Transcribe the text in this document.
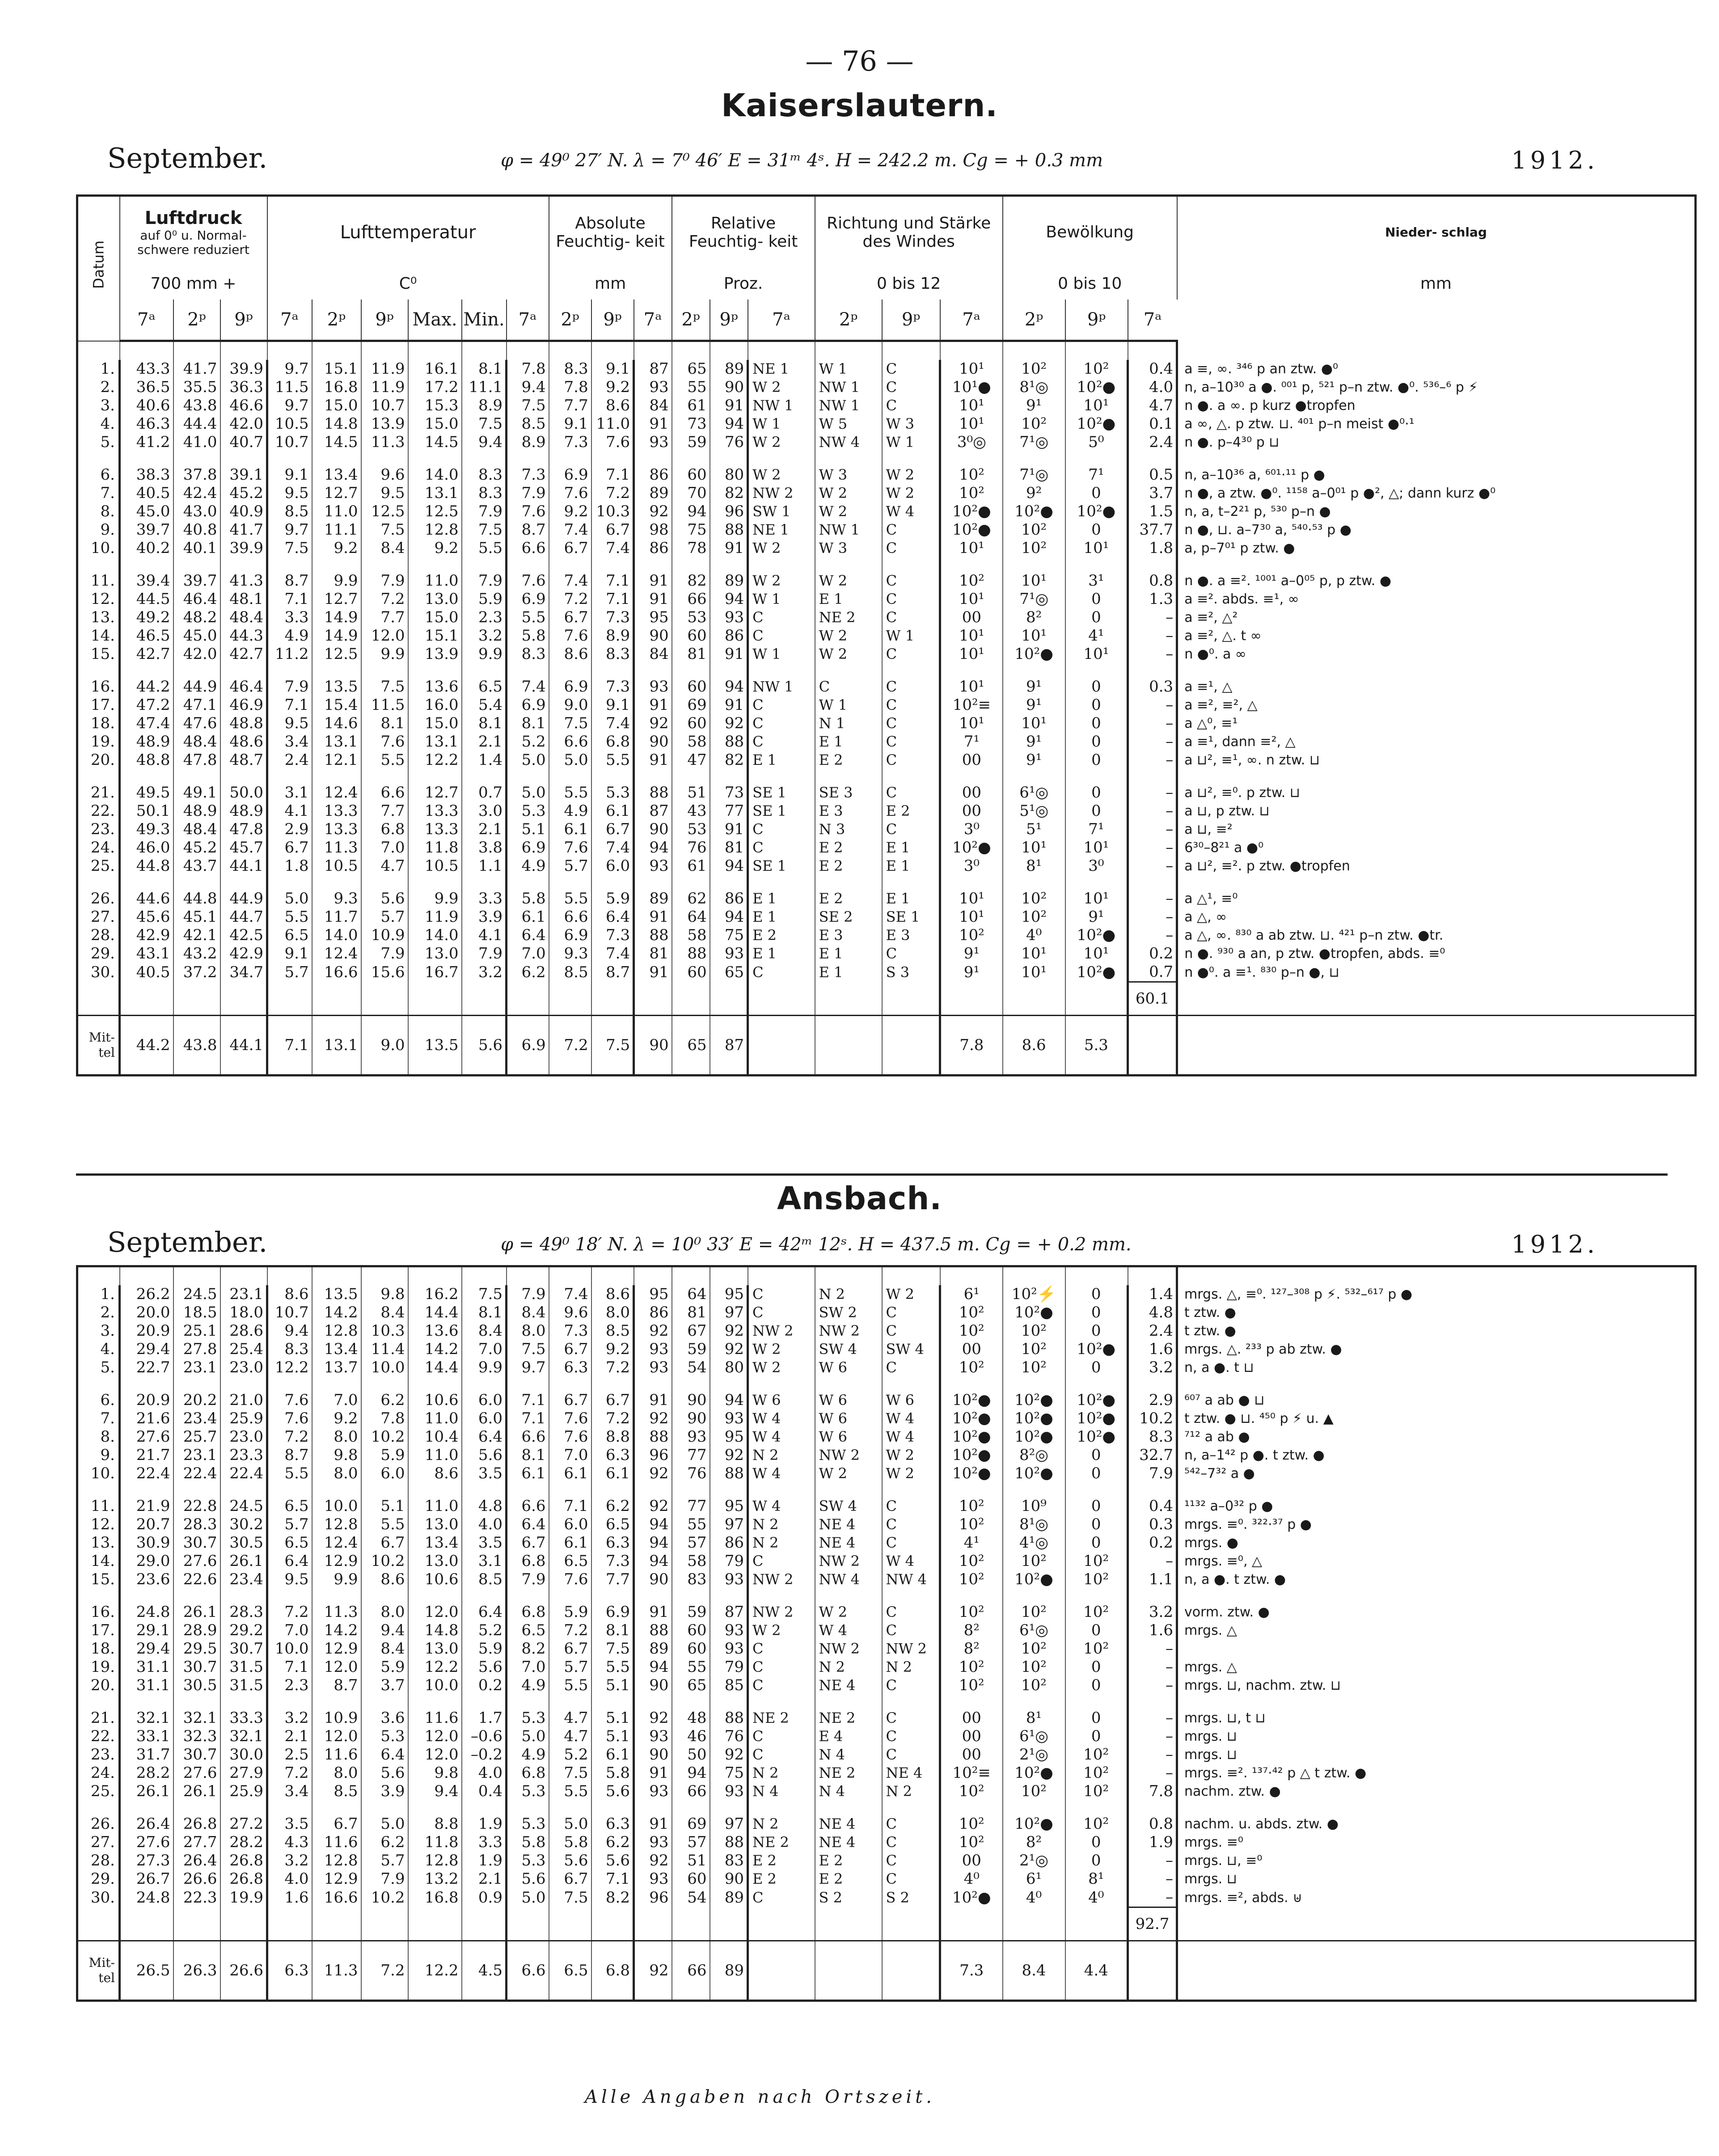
— 76 —
Kaiserslautern.
September.	φ = 49⁰ 27′ N. λ = 7⁰ 46′ E = 31ᵐ 4ˢ. H = 242.2 m. Cg = + 0.3 mm	1912.
Datum	Luftdruck
auf 0⁰ u. Normal-
schwere reduziert			Lufttemperatur						Absolute Feuchtig- keit			Relative Feuchtig- keit			Richtung und Stärke des Windes			Bewölkung			Nieder- schlag	
	700 mm +			C⁰						mm			Proz.			0 bis 12			0 bis 10			mm	
	7ᵃ	2ᵖ	9ᵖ	7ᵃ	2ᵖ	9ᵖ	Max.	Min.	7ᵃ	2ᵖ	9ᵖ	7ᵃ	2ᵖ	9ᵖ	7ᵃ	2ᵖ	9ᵖ	7ᵃ	2ᵖ	9ᵖ	7ᵃ		

1.	43.3	41.7	39.9	9.7	15.1	11.9	16.1	8.1	7.8	8.3	9.1	87	65	89	NE 1	W 1	C	10¹	10²	10²	0.4	a ≡, ∞. ³⁴⁶ p an ztw. ●⁰	
2.	36.5	35.5	36.3	11.5	16.8	11.9	17.2	11.1	9.4	7.8	9.2	93	55	90	W 2	NW 1	C	10¹●	8¹◎	10²●	4.0	n, a–10³⁰ a ●. ⁰⁰¹ p, ⁵²¹ p–n ztw. ●⁰. ⁵³⁶–⁶ p ⚡	
3.	40.6	43.8	46.6	9.7	15.0	10.7	15.3	8.9	7.5	7.7	8.6	84	61	91	NW 1	NW 1	C	10¹	9¹	10¹	4.7	n ●. a ∞. p kurz ●tropfen	
4.	46.3	44.4	42.0	10.5	14.8	13.9	15.0	7.5	8.5	9.1	11.0	91	73	94	W 1	W 5	W 3	10¹	10²	10²●	0.1	a ∞, △. p ztw. ⊔. ⁴⁰¹ p–n meist ●⁰·¹	
5.	41.2	41.0	40.7	10.7	14.5	11.3	14.5	9.4	8.9	7.3	7.6	93	59	76	W 2	NW 4	W 1	3⁰◎	7¹◎	5⁰	2.4	n ●. p–4³⁰ p ⊔	

6.	38.3	37.8	39.1	9.1	13.4	9.6	14.0	8.3	7.3	6.9	7.1	86	60	80	W 2	W 3	W 2	10²	7¹◎	7¹	0.5	n, a–10³⁶ a, ⁶⁰¹·¹¹ p ●	
7.	40.5	42.4	45.2	9.5	12.7	9.5	13.1	8.3	7.9	7.6	7.2	89	70	82	NW 2	W 2	W 2	10²	9²	0	3.7	n ●, a ztw. ●⁰. ¹¹⁵⁸ a–0⁰¹ p ●², △; dann kurz ●⁰	
8.	45.0	43.0	40.9	8.5	11.0	12.5	12.5	7.9	7.6	9.2	10.3	92	94	96	SW 1	W 2	W 4	10²●	10²●	10²●	1.5	n, a, t–2²¹ p, ⁵³⁰ p–n ●	
9.	39.7	40.8	41.7	9.7	11.1	7.5	12.8	7.5	8.7	7.4	6.7	98	75	88	NE 1	NW 1	C	10²●	10²	0	37.7	n ●, ⊔. a–7³⁰ a, ⁵⁴⁰·⁵³ p ●	
10.	40.2	40.1	39.9	7.5	9.2	8.4	9.2	5.5	6.6	6.7	7.4	86	78	91	W 2	W 3	C	10¹	10²	10¹	1.8	a, p–7⁰¹ p ztw. ●	

11.	39.4	39.7	41.3	8.7	9.9	7.9	11.0	7.9	7.6	7.4	7.1	91	82	89	W 2	W 2	C	10²	10¹	3¹	0.8	n ●. a ≡². ¹⁰⁰¹ a–0⁰⁵ p, p ztw. ●	
12.	44.5	46.4	48.1	7.1	12.7	7.2	13.0	5.9	6.9	7.2	7.1	91	66	94	W 1	E 1	C	10¹	7¹◎	0	1.3	a ≡². abds. ≡¹, ∞	
13.	49.2	48.2	48.4	3.3	14.9	7.7	15.0	2.3	5.5	6.7	7.3	95	53	93	C	NE 2	C	00	8²	0	–	a ≡², △²	
14.	46.5	45.0	44.3	4.9	14.9	12.0	15.1	3.2	5.8	7.6	8.9	90	60	86	C	W 2	W 1	10¹	10¹	4¹	–	a ≡², △. t ∞	
15.	42.7	42.0	42.7	11.2	12.5	9.9	13.9	9.9	8.3	8.6	8.3	84	81	91	W 1	W 2	C	10¹	10²●	10¹	–	n ●⁰. a ∞	

16.	44.2	44.9	46.4	7.9	13.5	7.5	13.6	6.5	7.4	6.9	7.3	93	60	94	NW 1	C	C	10¹	9¹	0	0.3	a ≡¹, △	
17.	47.2	47.1	46.9	7.1	15.4	11.5	16.0	5.4	6.9	9.0	9.1	91	69	91	C	W 1	C	10²≡	9¹	0	–	a ≡², ≡², △	
18.	47.4	47.6	48.8	9.5	14.6	8.1	15.0	8.1	8.1	7.5	7.4	92	60	92	C	N 1	C	10¹	10¹	0	–	a △⁰, ≡¹	
19.	48.9	48.4	48.6	3.4	13.1	7.6	13.1	2.1	5.2	6.6	6.8	90	58	88	C	E 1	C	7¹	9¹	0	–	a ≡¹, dann ≡², △	
20.	48.8	47.8	48.7	2.4	12.1	5.5	12.2	1.4	5.0	5.0	5.5	91	47	82	E 1	E 2	C	00	9¹	0	–	a ⊔², ≡¹, ∞. n ztw. ⊔	

21.	49.5	49.1	50.0	3.1	12.4	6.6	12.7	0.7	5.0	5.5	5.3	88	51	73	SE 1	SE 3	C	00	6¹◎	0	–	a ⊔², ≡⁰. p ztw. ⊔	
22.	50.1	48.9	48.9	4.1	13.3	7.7	13.3	3.0	5.3	4.9	6.1	87	43	77	SE 1	E 3	E 2	00	5¹◎	0	–	a ⊔, p ztw. ⊔	
23.	49.3	48.4	47.8	2.9	13.3	6.8	13.3	2.1	5.1	6.1	6.7	90	53	91	C	N 3	C	3⁰	5¹	7¹	–	a ⊔, ≡²	
24.	46.0	45.2	45.7	6.7	11.3	7.0	11.8	3.8	6.9	7.6	7.4	94	76	81	C	E 2	E 1	10²●	10¹	10¹	–	6³⁰–8²¹ a ●⁰	
25.	44.8	43.7	44.1	1.8	10.5	4.7	10.5	1.1	4.9	5.7	6.0	93	61	94	SE 1	E 2	E 1	3⁰	8¹	3⁰	–	a ⊔², ≡². p ztw. ●tropfen	

26.	44.6	44.8	44.9	5.0	9.3	5.6	9.9	3.3	5.8	5.5	5.9	89	62	86	E 1	E 2	E 1	10¹	10²	10¹	–	a △¹, ≡⁰	
27.	45.6	45.1	44.7	5.5	11.7	5.7	11.9	3.9	6.1	6.6	6.4	91	64	94	E 1	SE 2	SE 1	10¹	10²	9¹	–	a △, ∞	
28.	42.9	42.1	42.5	6.5	14.0	10.9	14.0	4.1	6.4	6.9	7.3	88	58	75	E 2	E 3	E 3	10²	4⁰	10²●	–	a △, ∞. ⁸³⁰ a ab ztw. ⊔. ⁴²¹ p–n ztw. ●tr.	
29.	43.1	43.2	42.9	9.1	12.4	7.9	13.0	7.9	7.0	9.3	7.4	81	88	93	E 1	E 1	C	9¹	10¹	10¹	0.2	n ●. ⁹³⁰ a an, p ztw. ●tropfen, abds. ≡⁰	
30.	40.5	37.2	34.7	5.7	16.6	15.6	16.7	3.2	6.2	8.5	8.7	91	60	65	C	E 1	S 3	9¹	10¹	10²●	0.7	n ●⁰. a ≡¹. ⁸³⁰ p–n ●, ⊔	
																					60.1		
Mit- tel	44.2	43.8	44.1	7.1	13.1	9.0	13.5	5.6	6.9	7.2	7.5	90	65	87				7.8	8.6	5.3			
Ansbach.
September.	φ = 49⁰ 18′ N. λ = 10⁰ 33′ E = 42ᵐ 12ˢ. H = 437.5 m. Cg = + 0.2 mm.	1912.

1.	26.2	24.5	23.1	8.6	13.5	9.8	16.2	7.5	7.9	7.4	8.6	95	64	95	C	N 2	W 2	6¹	10²⚡	0	1.4	mrgs. △, ≡⁰. ¹²⁷–³⁰⁸ p ⚡. ⁵³²–⁶¹⁷ p ●
2.	20.0	18.5	18.0	10.7	14.2	8.4	14.4	8.1	8.4	9.6	8.0	86	81	97	C	SW 2	C	10²	10²●	0	4.8	t ztw. ●
3.	20.9	25.1	28.6	9.4	12.8	10.3	13.6	8.4	8.0	7.3	8.5	92	67	92	NW 2	NW 2	C	10²	10²	0	2.4	t ztw. ●
4.	29.4	27.8	25.4	8.3	13.4	11.4	14.2	7.0	7.5	6.7	9.2	93	59	92	W 2	SW 4	SW 4	00	10²	10²●	1.6	mrgs. △. ²³³ p ab ztw. ●
5.	22.7	23.1	23.0	12.2	13.7	10.0	14.4	9.9	9.7	6.3	7.2	93	54	80	W 2	W 6	C	10²	10²	0	3.2	n, a ●. t ⊔

6.	20.9	20.2	21.0	7.6	7.0	6.2	10.6	6.0	7.1	6.7	6.7	91	90	94	W 6	W 6	W 6	10²●	10²●	10²●	2.9	⁶⁰⁷ a ab ● ⊔
7.	21.6	23.4	25.9	7.6	9.2	7.8	11.0	6.0	7.1	7.6	7.2	92	90	93	W 4	W 6	W 4	10²●	10²●	10²●	10.2	t ztw. ● ⊔. ⁴⁵⁰ p ⚡ u. ▲
8.	27.6	25.7	23.0	7.2	8.0	10.2	10.4	6.4	6.6	7.6	8.8	88	93	95	W 4	W 6	W 4	10²●	10²●	10²●	8.3	⁷¹² a ab ●
9.	21.7	23.1	23.3	8.7	9.8	5.9	11.0	5.6	8.1	7.0	6.3	96	77	92	N 2	NW 2	W 2	10²●	8²◎	0	32.7	n, a–1⁴² p ●. t ztw. ●
10.	22.4	22.4	22.4	5.5	8.0	6.0	8.6	3.5	6.1	6.1	6.1	92	76	88	W 4	W 2	W 2	10²●	10²●	0	7.9	⁵⁴²–7³² a ●

11.	21.9	22.8	24.5	6.5	10.0	5.1	11.0	4.8	6.6	7.1	6.2	92	77	95	W 4	SW 4	C	10²	10⁹	0	0.4	¹¹³² a–0³² p ●
12.	20.7	28.3	30.2	5.7	12.8	5.5	13.0	4.0	6.4	6.0	6.5	94	55	97	N 2	NE 4	C	10²	8¹◎	0	0.3	mrgs. ≡⁰. ³²²·³⁷ p ●
13.	30.9	30.7	30.5	6.5	12.4	6.7	13.4	3.5	6.7	6.1	6.3	94	57	86	N 2	NE 4	C	4¹	4¹◎	0	0.2	mrgs. ●
14.	29.0	27.6	26.1	6.4	12.9	10.2	13.0	3.1	6.8	6.5	7.3	94	58	79	C	NW 2	W 4	10²	10²	10²	–	mrgs. ≡⁰, △
15.	23.6	22.6	23.4	9.5	9.9	8.6	10.6	8.5	7.9	7.6	7.7	90	83	93	NW 2	NW 4	NW 4	10²	10²●	10²	1.1	n, a ●. t ztw. ●

16.	24.8	26.1	28.3	7.2	11.3	8.0	12.0	6.4	6.8	5.9	6.9	91	59	87	NW 2	W 2	C	10²	10²	10²	3.2	vorm. ztw. ●
17.	29.1	28.9	29.2	7.0	14.2	9.4	14.8	5.2	6.5	7.2	8.1	88	60	93	W 2	W 4	C	8²	6¹◎	0	1.6	mrgs. △
18.	29.4	29.5	30.7	10.0	12.9	8.4	13.0	5.9	8.2	6.7	7.5	89	60	93	C	NW 2	NW 2	8²	10²	10²	–	
19.	31.1	30.7	31.5	7.1	12.0	5.9	12.2	5.6	7.0	5.7	5.5	94	55	79	C	N 2	N 2	10²	10²	0	–	mrgs. △
20.	31.1	30.5	31.5	2.3	8.7	3.7	10.0	0.2	4.9	5.5	5.1	90	65	85	C	NE 4	C	10²	10²	0	–	mrgs. ⊔, nachm. ztw. ⊔

21.	32.1	32.1	33.3	3.2	10.9	3.6	11.6	1.7	5.3	4.7	5.1	92	48	88	NE 2	NE 2	C	00	8¹	0	–	mrgs. ⊔, t ⊔
22.	33.1	32.3	32.1	2.1	12.0	5.3	12.0	–0.6	5.0	4.7	5.1	93	46	76	C	E 4	C	00	6¹◎	0	–	mrgs. ⊔
23.	31.7	30.7	30.0	2.5	11.6	6.4	12.0	–0.2	4.9	5.2	6.1	90	50	92	C	N 4	C	00	2¹◎	10²	–	mrgs. ⊔
24.	28.2	27.6	27.9	7.2	8.0	5.6	9.8	4.0	6.8	7.5	5.8	91	94	75	N 2	NE 2	NE 4	10²≡	10²●	10²	–	mrgs. ≡². ¹³⁷·⁴² p △ t ztw. ●
25.	26.1	26.1	25.9	3.4	8.5	3.9	9.4	0.4	5.3	5.5	5.6	93	66	93	N 4	N 4	N 2	10²	10²	10²	7.8	nachm. ztw. ●

26.	26.4	26.8	27.2	3.5	6.7	5.0	8.8	1.9	5.3	5.0	6.3	91	69	97	N 2	NE 4	C	10²	10²●	10²	0.8	nachm. u. abds. ztw. ●
27.	27.6	27.7	28.2	4.3	11.6	6.2	11.8	3.3	5.8	5.8	6.2	93	57	88	NE 2	NE 4	C	10²	8²	0	1.9	mrgs. ≡⁰
28.	27.3	26.4	26.8	3.2	12.8	5.7	12.8	1.9	5.3	5.6	5.6	92	51	83	E 2	E 2	C	00	2¹◎	0	–	mrgs. ⊔, ≡⁰
29.	26.7	26.6	26.8	4.0	12.9	7.9	13.2	2.1	5.6	6.7	7.1	93	60	90	E 2	E 2	C	4⁰	6¹	8¹	–	mrgs. ⊔
30.	24.8	22.3	19.9	1.6	16.6	10.2	16.8	0.9	5.0	7.5	8.2	96	54	89	C	S 2	S 2	10²●	4⁰	4⁰	–	mrgs. ≡², abds. ⊎
																					92.7	
Mit- tel	26.5	26.3	26.6	6.3	11.3	7.2	12.2	4.5	6.6	6.5	6.8	92	66	89				7.3	8.4	4.4		
Alle Angaben nach Ortszeit.
